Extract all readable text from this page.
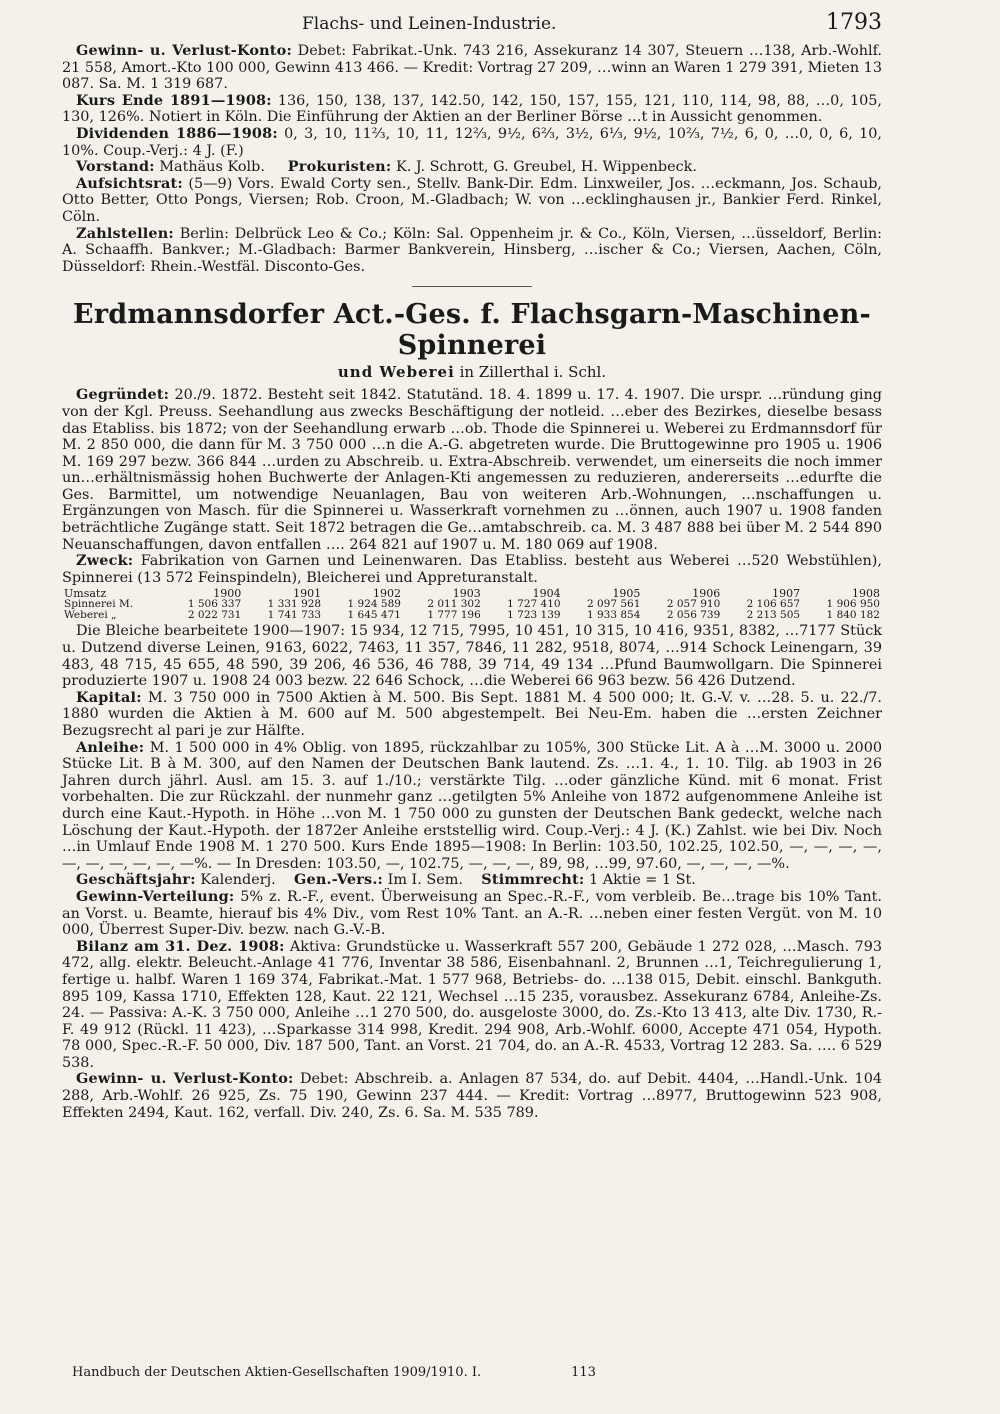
Flachs- und Leinen-Industrie.	1793

Gewinn- u. Verlust-Konto: Debet: Fabrikat.-Unk. 743 216, Assekuranz 14 307, Steuern …138, Arb.-Wohlf. 21 558, Amort.-Kto 100 000, Gewinn 413 466. — Kredit: Vortrag 27 209, …winn an Waren 1 279 391, Mieten 13 087. Sa. M. 1 319 687.

Kurs Ende 1891—1908: 136, 150, 138, 137, 142.50, 142, 150, 157, 155, 121, 110, 114, 98, 88, …0, 105, 130, 126%. Notiert in Köln. Die Einführung der Aktien an der Berliner Börse …t in Aussicht genommen.

Dividenden 1886—1908: 0, 3, 10, 11⅔, 10, 11, 12⅔, 9½, 6⅔, 3½, 6⅓, 9½, 10⅔, 7½, 6, 0, …0, 0, 6, 10, 10%. Coup.-Verj.: 4 J. (F.)

Vorstand: Mathäus Kolb. Prokuristen: K. J. Schrott, G. Greubel, H. Wippenbeck.

Aufsichtsrat: (5—9) Vors. Ewald Corty sen., Stellv. Bank-Dir. Edm. Linxweiler, Jos. …eckmann, Jos. Schaub, Otto Better, Otto Pongs, Viersen; Rob. Croon, M.-Gladbach; W. von …ecklinghausen jr., Bankier Ferd. Rinkel, Cöln.

Zahlstellen: Berlin: Delbrück Leo & Co.; Köln: Sal. Oppenheim jr. & Co., Köln, Viersen, …üsseldorf, Berlin: A. Schaaffh. Bankver.; M.-Gladbach: Barmer Bankverein, Hinsberg, …ischer & Co.; Viersen, Aachen, Cöln, Düsseldorf: Rhein.-Westfäl. Disconto-Ges.

Erdmannsdorfer Act.-Ges. f. Flachsgarn-Maschinen-Spinnerei
und Weberei in Zillerthal i. Schl.

Gegründet: 20./9. 1872. Besteht seit 1842. Statutänd. 18. 4. 1899 u. 17. 4. 1907. Die urspr. …ründung ging von der Kgl. Preuss. Seehandlung aus zwecks Beschäftigung der notleid. …eber des Bezirkes, dieselbe besass das Etabliss. bis 1872; von der Seehandlung erwarb …ob. Thode die Spinnerei u. Weberei zu Erdmannsdorf für M. 2 850 000, die dann für M. 3 750 000 …n die A.-G. abgetreten wurde. Die Bruttogewinne pro 1905 u. 1906 M. 169 297 bezw. 366 844 …urden zu Abschreib. u. Extra-Abschreib. verwendet, um einerseits die noch immer un…erhältnismässig hohen Buchwerte der Anlagen-Kti angemessen zu reduzieren, andererseits …edurfte die Ges. Barmittel, um notwendige Neuanlagen, Bau von weiteren Arb.-Wohnungen, …nschaffungen u. Ergänzungen von Masch. für die Spinnerei u. Wasserkraft vornehmen zu …önnen, auch 1907 u. 1908 fanden beträchtliche Zugänge statt. Seit 1872 betragen die Ge…amtabschreib. ca. M. 3 487 888 bei über M. 2 544 890 Neuanschaffungen, davon entfallen …. 264 821 auf 1907 u. M. 180 069 auf 1908.

Zweck: Fabrikation von Garnen und Leinenwaren. Das Etabliss. besteht aus Weberei …520 Webstühlen), Spinnerei (13 572 Feinspindeln), Bleicherei und Appreturanstalt.

Umsatz	1900	1901	1902	1903	1904	1905	1906	1907	1908
Spinnerei M.	1 506 337	1 331 928	1 924 589	2 011 302	1 727 410	2 097 561	2 057 910	2 106 657	1 906 950
Weberei „	2 022 731	1 741 733	1 645 471	1 777 196	1 723 139	1 933 854	2 056 739	2 213 505	1 840 182

Die Bleiche bearbeitete 1900—1907: 15 934, 12 715, 7995, 10 451, 10 315, 10 416, 9351, 8382, …7177 Stück u. Dutzend diverse Leinen, 9163, 6022, 7463, 11 357, 7846, 11 282, 9518, 8074, …914 Schock Leinengarn, 39 483, 48 715, 45 655, 48 590, 39 206, 46 536, 46 788, 39 714, 49 134 …Pfund Baumwollgarn. Die Spinnerei produzierte 1907 u. 1908 24 003 bezw. 22 646 Schock, …die Weberei 66 963 bezw. 56 426 Dutzend.

Kapital: M. 3 750 000 in 7500 Aktien à M. 500. Bis Sept. 1881 M. 4 500 000; lt. G.-V. v. …28. 5. u. 22./7. 1880 wurden die Aktien à M. 600 auf M. 500 abgestempelt. Bei Neu-Em. haben die …ersten Zeichner Bezugsrecht al pari je zur Hälfte.

Anleihe: M. 1 500 000 in 4% Oblig. von 1895, rückzahlbar zu 105%, 300 Stücke Lit. A à …M. 3000 u. 2000 Stücke Lit. B à M. 300, auf den Namen der Deutschen Bank lautend. Zs. …1. 4., 1. 10. Tilg. ab 1903 in 26 Jahren durch jährl. Ausl. am 15. 3. auf 1./10.; verstärkte Tilg. …oder gänzliche Künd. mit 6 monat. Frist vorbehalten. Die zur Rückzahl. der nunmehr ganz …getilgten 5% Anleihe von 1872 aufgenommene Anleihe ist durch eine Kaut.-Hypoth. in Höhe …von M. 1 750 000 zu gunsten der Deutschen Bank gedeckt, welche nach Löschung der Kaut.-Hypoth. der 1872er Anleihe erststellig wird. Coup.-Verj.: 4 J. (K.) Zahlst. wie bei Div. Noch …in Umlauf Ende 1908 M. 1 270 500. Kurs Ende 1895—1908: In Berlin: 103.50, 102.25, 102.50, —, —, —, —, —, —, —, —, —, —%. — In Dresden: 103.50, —, 102.75, —, —, —, 89, 98, …99, 97.60, —, —, —, —%.

Geschäftsjahr: Kalenderj. Gen.-Vers.: Im I. Sem. Stimmrecht: 1 Aktie = 1 St.

Gewinn-Verteilung: 5% z. R.-F., event. Überweisung an Spec.-R.-F., vom verbleib. Be…trage bis 10% Tant. an Vorst. u. Beamte, hierauf bis 4% Div., vom Rest 10% Tant. an A.-R. …neben einer festen Vergüt. von M. 10 000, Überrest Super-Div. bezw. nach G.-V.-B.

Bilanz am 31. Dez. 1908: Aktiva: Grundstücke u. Wasserkraft 557 200, Gebäude 1 272 028, …Masch. 793 472, allg. elektr. Beleucht.-Anlage 41 776, Inventar 38 586, Eisenbahnanl. 2, Brunnen …1, Teichregulierung 1, fertige u. halbf. Waren 1 169 374, Fabrikat.-Mat. 1 577 968, Betriebs- do. …138 015, Debit. einschl. Bankguth. 895 109, Kassa 1710, Effekten 128, Kaut. 22 121, Wechsel …15 235, vorausbez. Assekuranz 6784, Anleihe-Zs. 24. — Passiva: A.-K. 3 750 000, Anleihe …1 270 500, do. ausgeloste 3000, do. Zs.-Kto 13 413, alte Div. 1730, R.-F. 49 912 (Rückl. 11 423), …Sparkasse 314 998, Kredit. 294 908, Arb.-Wohlf. 6000, Accepte 471 054, Hypoth. 78 000, Spec.-R.-F. 50 000, Div. 187 500, Tant. an Vorst. 21 704, do. an A.-R. 4533, Vortrag 12 283. Sa. …. 6 529 538.

Gewinn- u. Verlust-Konto: Debet: Abschreib. a. Anlagen 87 534, do. auf Debit. 4404, …Handl.-Unk. 104 288, Arb.-Wohlf. 26 925, Zs. 75 190, Gewinn 237 444. — Kredit: Vortrag …8977, Bruttogewinn 523 908, Effekten 2494, Kaut. 162, verfall. Div. 240, Zs. 6. Sa. M. 535 789.

Handbuch der Deutschen Aktien-Gesellschaften 1909/1910. I.	113
